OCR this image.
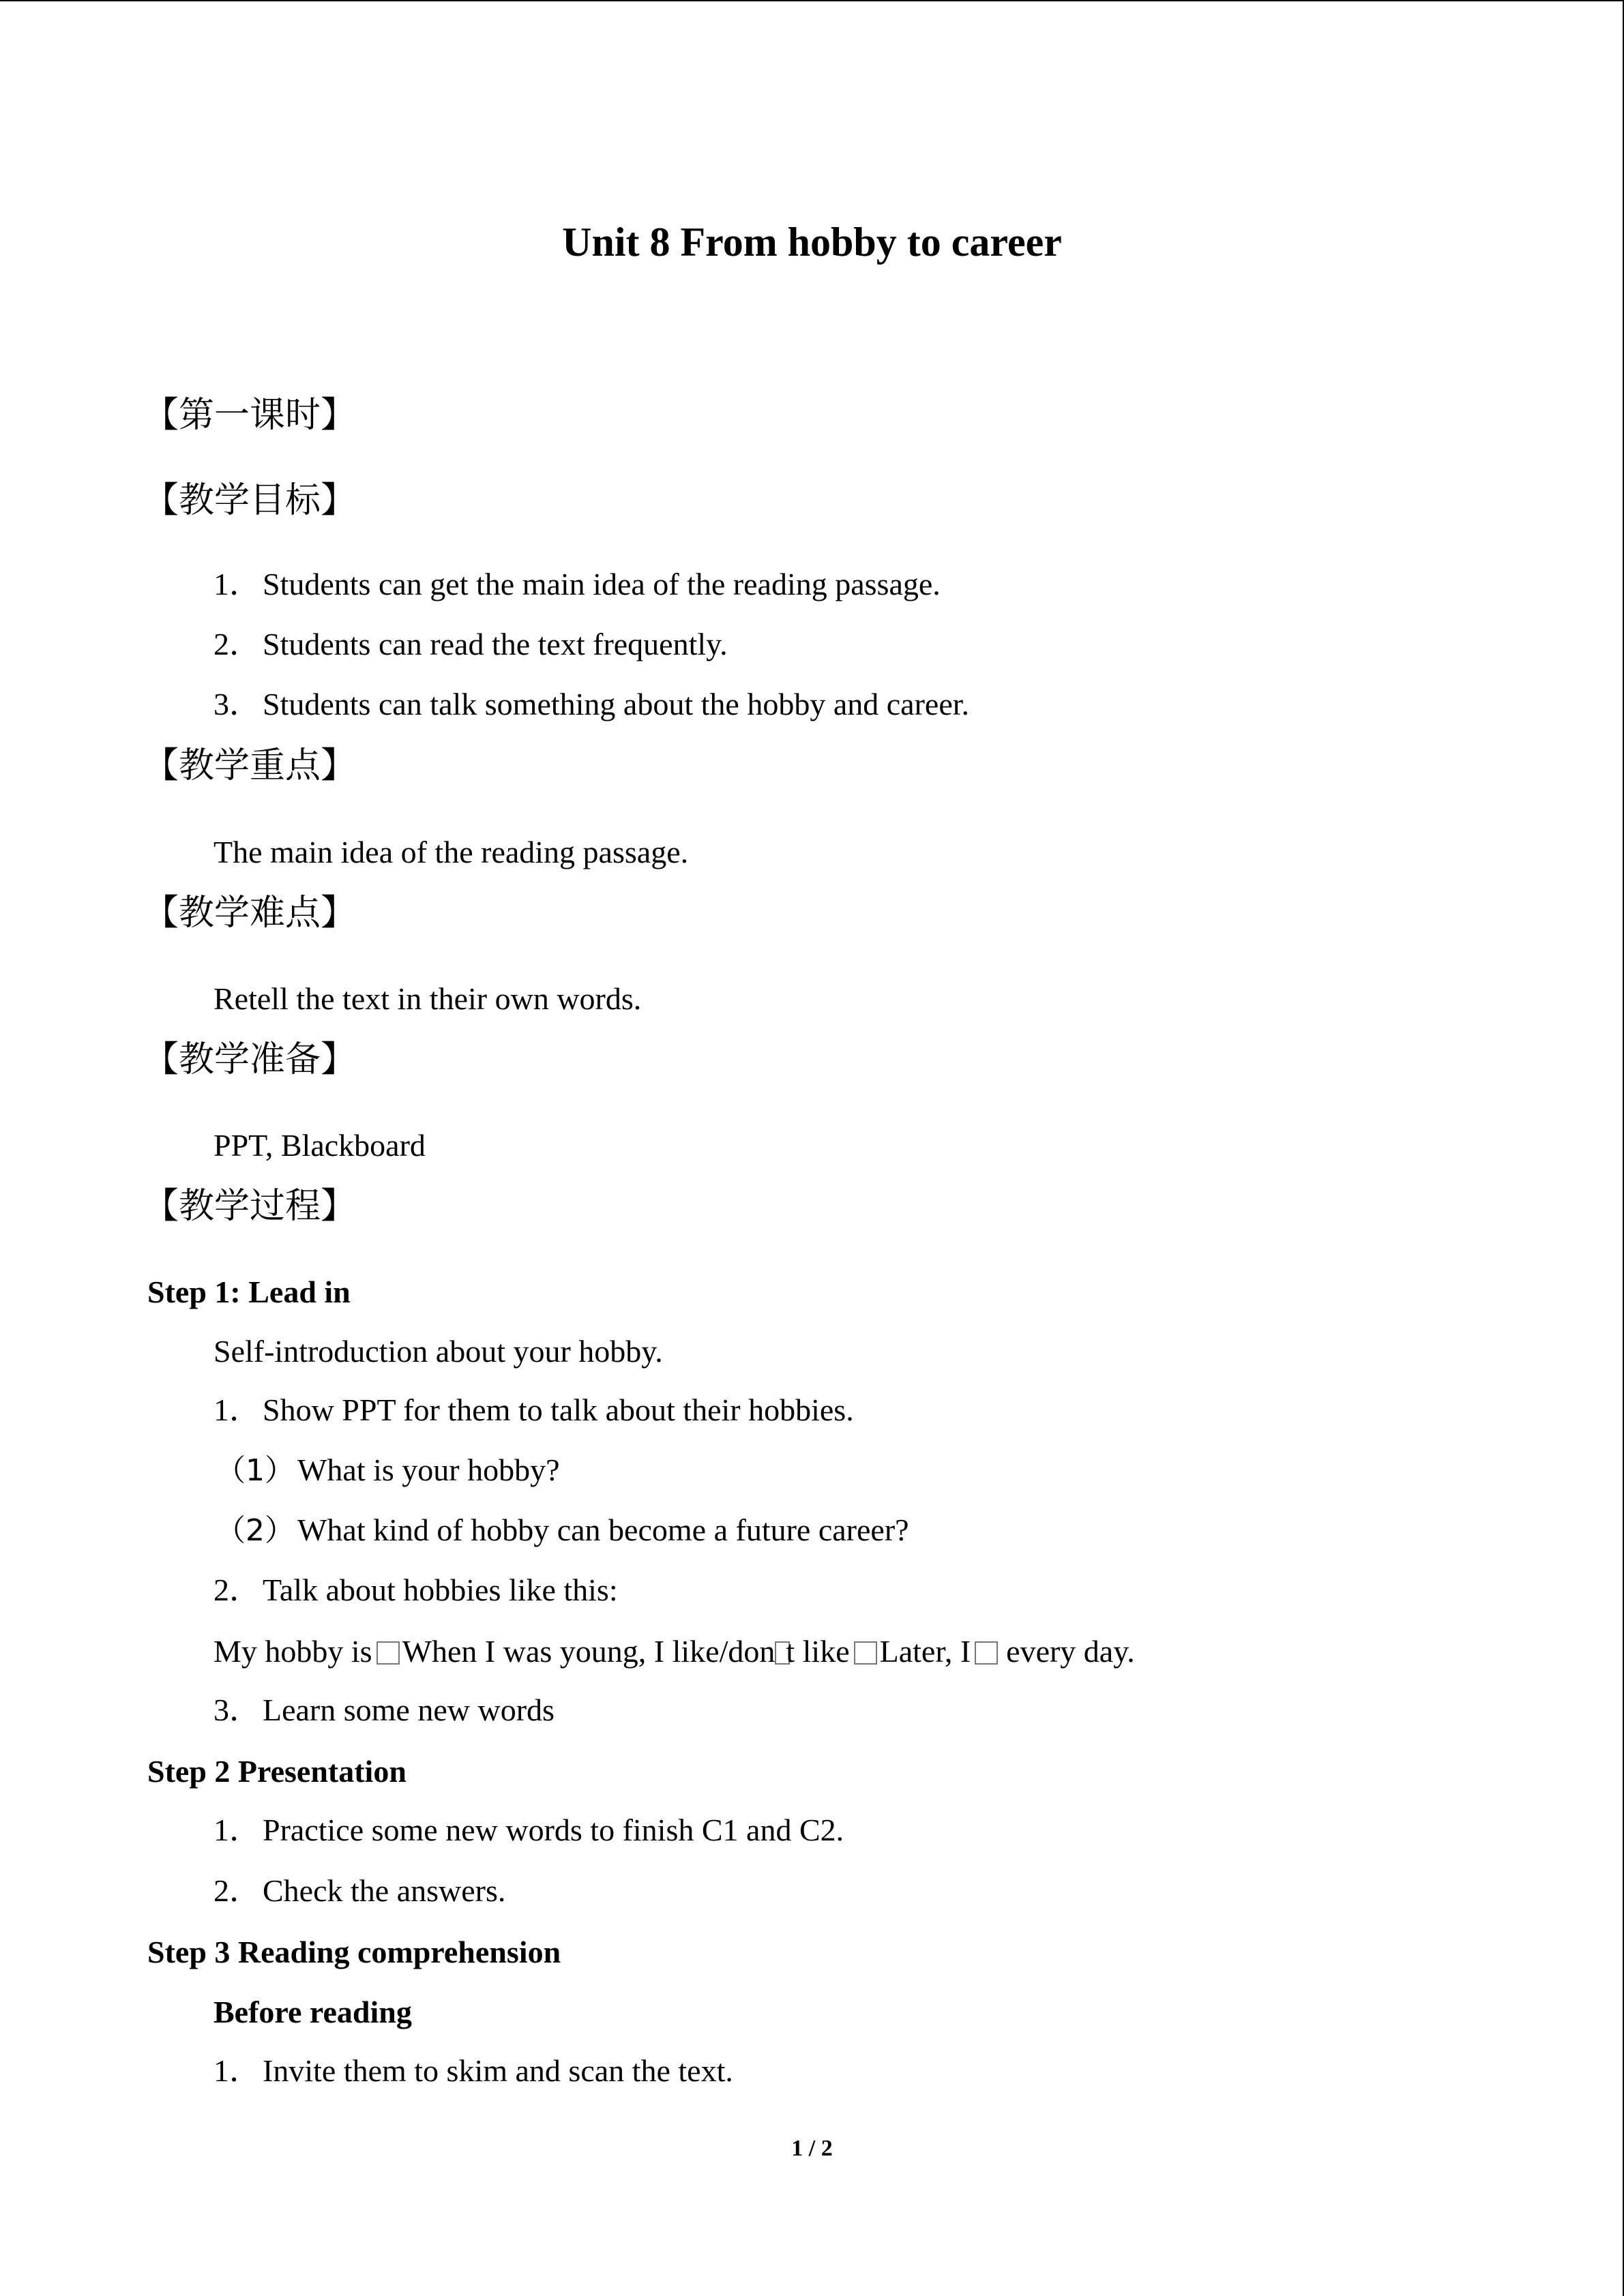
Unit 8 From hobby to career
【第一课时】
【教学目标】
1．Students can get the main idea of the reading passage.
2．Students can read the text frequently.
3．Students can talk something about the hobby and career.
【教学重点】
The main idea of the reading passage.
【教学难点】
Retell the text in their own words.
【教学准备】
PPT, Blackboard
【教学过程】
Step 1: Lead in
Self-introduction about your hobby.
1．Show PPT for them to talk about their hobbies.
（1）What is your hobby?
（2）What kind of hobby can become a future career?
2．Talk about hobbies like this:
My hobby is When I was young, I like/don t like Later, I every day.
3．Learn some new words
Step 2 Presentation
1．Practice some new words to finish C1 and C2.
2．Check the answers.
Step 3 Reading comprehension
Before reading
1．Invite them to skim and scan the text.
1 / 2
